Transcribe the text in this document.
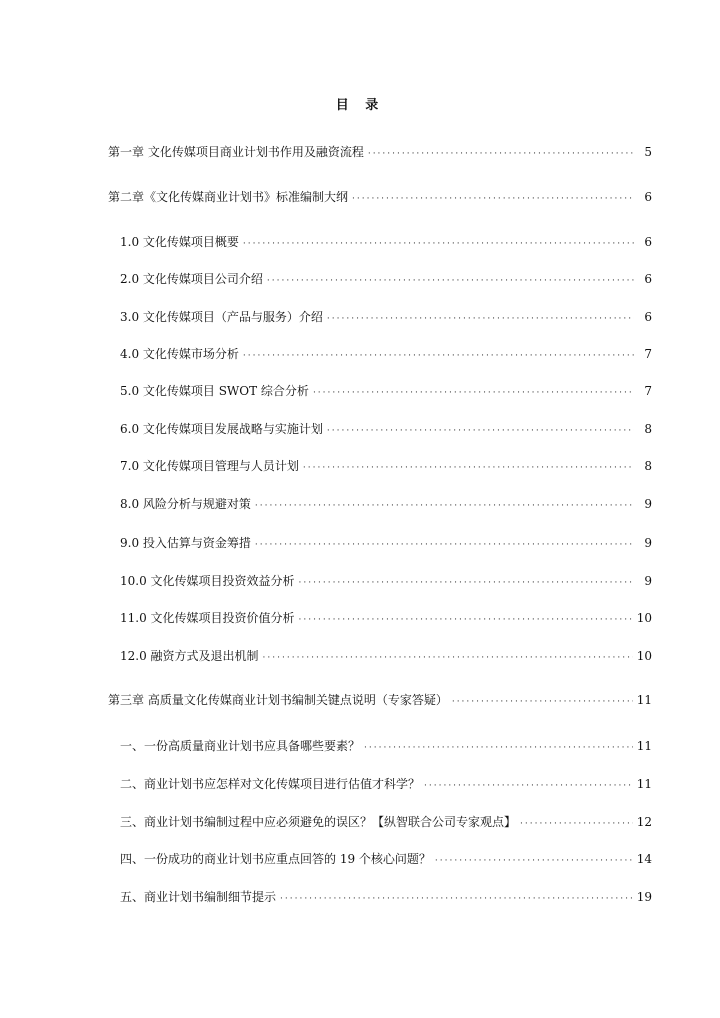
目 录
第一章 文化传媒项目商业计划书作用及融资流程 ·····	5
第二章《文化传媒商业计划书》标准编制大纲 ·····	6
1.0 文化传媒项目概要 ·····	6
2.0 文化传媒项目公司介绍 ·····	6
3.0 文化传媒项目（产品与服务）介绍 ·····	6
4.0 文化传媒市场分析 ·····	7
5.0 文化传媒项目 SWOT 综合分析 ·····	7
6.0 文化传媒项目发展战略与实施计划 ·····	8
7.0 文化传媒项目管理与人员计划 ·····	8
8.0 风险分析与规避对策 ·····	9
9.0 投入估算与资金筹措 ·····	9
10.0 文化传媒项目投资效益分析 ·····	9
11.0 文化传媒项目投资价值分析 ·····	10
12.0 融资方式及退出机制 ·····	10
第三章 高质量文化传媒商业计划书编制关键点说明（专家答疑） ·····	11
一、一份高质量商业计划书应具备哪些要素？ ·····	11
二、商业计划书应怎样对文化传媒项目进行估值才科学？ ·····	11
三、商业计划书编制过程中应必须避免的误区？【纵智联合公司专家观点】 ·····	12
四、一份成功的商业计划书应重点回答的 19 个核心问题？ ·····	14
五、商业计划书编制细节提示 ·····	19
